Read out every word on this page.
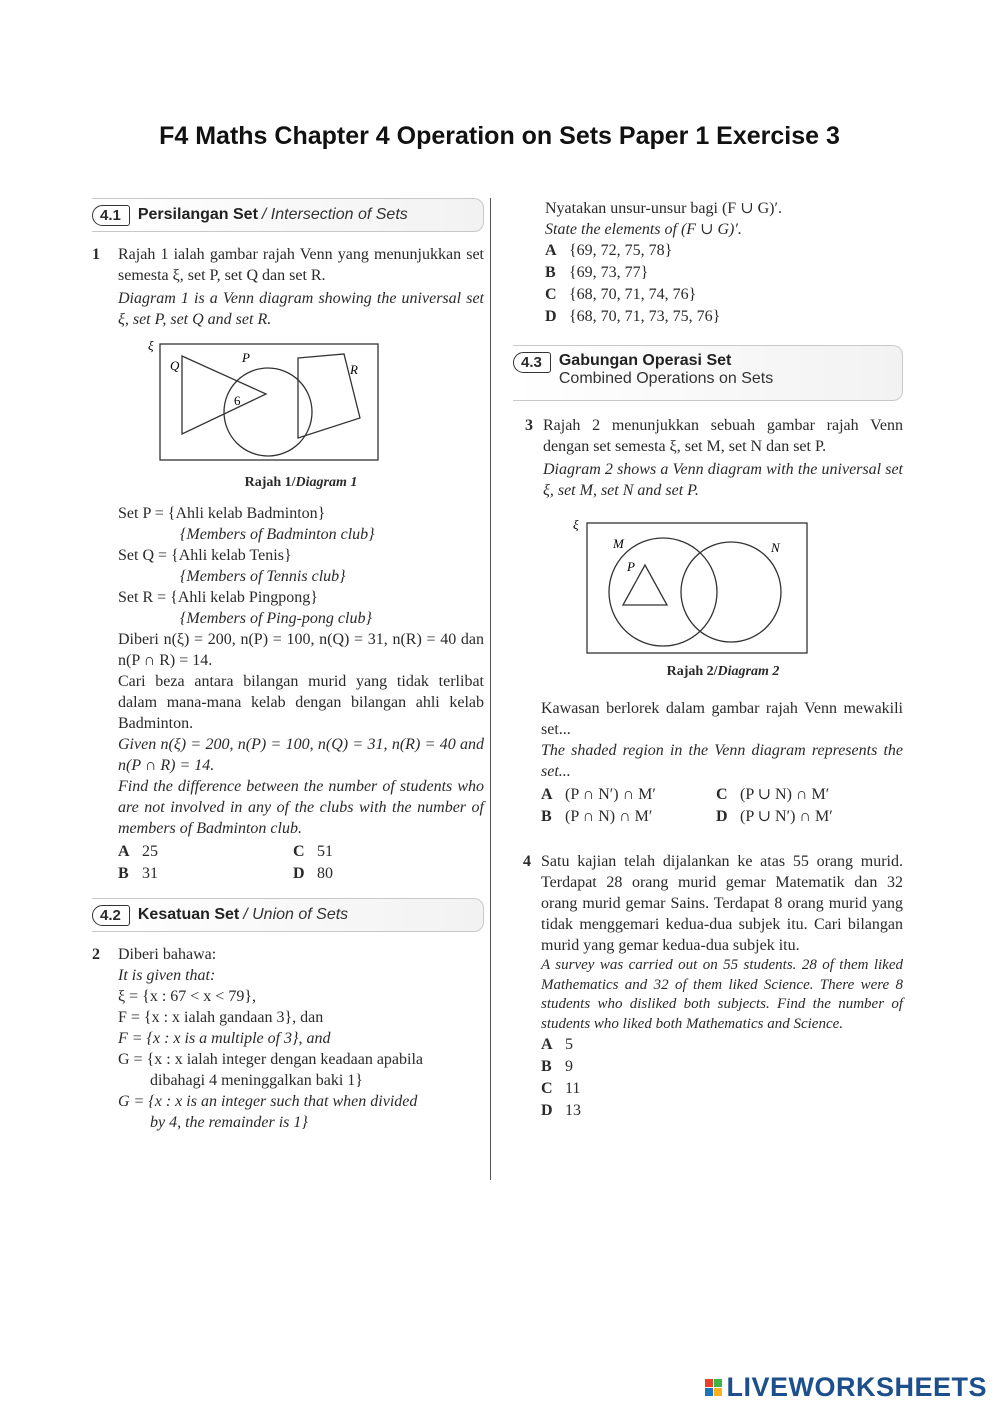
F4 Maths Chapter 4 Operation on Sets Paper 1 Exercise 3
4.1	Persilangan Set / Intersection of Sets
1 Rajah 1 ialah gambar rajah Venn yang menunjukkan set semesta ξ, set P, set Q dan set R.
Diagram 1 is a Venn diagram showing the universal set ξ, set P, set Q and set R.
ξ
P
Q	R
6
Rajah 1/Diagram 1
Set P = {Ahli kelab Badminton}
{Members of Badminton club}
Set Q = {Ahli kelab Tenis}
{Members of Tennis club}
Set R = {Ahli kelab Pingpong}
{Members of Ping-pong club}
Diberi n(ξ) = 200, n(P) = 100, n(Q) = 31, n(R) = 40 dan n(P ∩ R) = 14.
Cari beza antara bilangan murid yang tidak terlibat dalam mana-mana kelab dengan bilangan ahli kelab Badminton.
Given n(ξ) = 200, n(P) = 100, n(Q) = 31, n(R) = 40 and n(P ∩ R) = 14.
Find the difference between the number of students who are not involved in any of the clubs with the number of members of Badminton club.
A 25	C 51
B 31	D 80
4.2	Kesatuan Set / Union of Sets
2 Diberi bahawa:
It is given that:
ξ = {x : 67 < x < 79},
F = {x : x ialah gandaan 3}, dan
F = {x : x is a multiple of 3}, and
G = {x : x ialah integer dengan keadaan apabila
dibahagi 4 meninggalkan baki 1}
G = {x : x is an integer such that when divided
by 4, the remainder is 1}
Nyatakan unsur-unsur bagi (F ∪ G)′.
State the elements of (F ∪ G)′.
A {69, 72, 75, 78}
B {69, 73, 77}
C {68, 70, 71, 74, 76}
D {68, 70, 71, 73, 75, 76}
4.3	Gabungan Operasi Set
Combined Operations on Sets
3 Rajah 2 menunjukkan sebuah gambar rajah Venn dengan set semesta ξ, set M, set N dan set P.
Diagram 2 shows a Venn diagram with the universal set ξ, set M, set N and set P.
ξ
M	N
P
Rajah 2/Diagram 2
Kawasan berlorek dalam gambar rajah Venn mewakili set...
The shaded region in the Venn diagram represents the set...
A (P ∩ N′) ∩ M′	C (P ∪ N) ∩ M′
B (P ∩ N) ∩ M′	D (P ∪ N′) ∩ M′
4 Satu kajian telah dijalankan ke atas 55 orang murid. Terdapat 28 orang murid gemar Matematik dan 32 orang murid gemar Sains. Terdapat 8 orang murid yang tidak menggemari kedua-dua subjek itu. Cari bilangan murid yang gemar kedua-dua subjek itu.
A survey was carried out on 55 students. 28 of them liked Mathematics and 32 of them liked Science. There were 8 students who disliked both subjects. Find the number of students who liked both Mathematics and Science.
A 5
B 9
C 11
D 13
LIVEWORKSHEETS
